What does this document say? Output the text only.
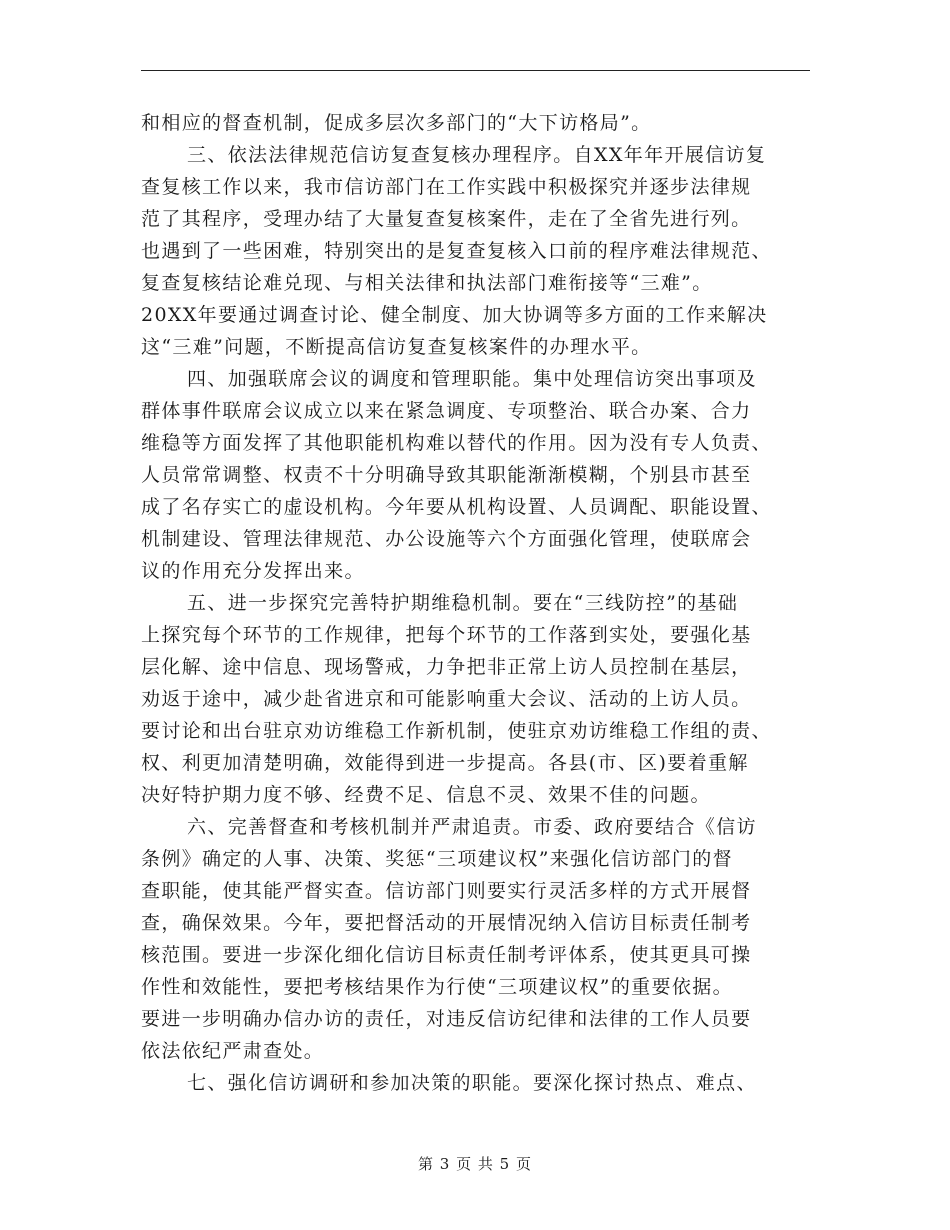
和相应的督查机制，促成多层次多部门的“大下访格局”。
三、依法法律规范信访复查复核办理程序。自XX年年开展信访复
查复核工作以来，我市信访部门在工作实践中积极探究并逐步法律规
范了其程序，受理办结了大量复查复核案件，走在了全省先进行列。
也遇到了一些困难，特别突出的是复查复核入口前的程序难法律规范、
复查复核结论难兑现、与相关法律和执法部门难衔接等“三难”。
20XX年要通过调查讨论、健全制度、加大协调等多方面的工作来解决
这“三难”问题，不断提高信访复查复核案件的办理水平。
四、加强联席会议的调度和管理职能。集中处理信访突出事项及
群体事件联席会议成立以来在紧急调度、专项整治、联合办案、合力
维稳等方面发挥了其他职能机构难以替代的作用。因为没有专人负责、
人员常常调整、权责不十分明确导致其职能渐渐模糊，个别县市甚至
成了名存实亡的虚设机构。今年要从机构设置、人员调配、职能设置、
机制建设、管理法律规范、办公设施等六个方面强化管理，使联席会
议的作用充分发挥出来。
五、进一步探究完善特护期维稳机制。要在“三线防控”的基础
上探究每个环节的工作规律，把每个环节的工作落到实处，要强化基
层化解、途中信息、现场警戒，力争把非正常上访人员控制在基层，
劝返于途中，减少赴省进京和可能影响重大会议、活动的上访人员。
要讨论和出台驻京劝访维稳工作新机制，使驻京劝访维稳工作组的责、
权、利更加清楚明确，效能得到进一步提高。各县(市、区)要着重解
决好特护期力度不够、经费不足、信息不灵、效果不佳的问题。
六、完善督查和考核机制并严肃追责。市委、政府要结合《信访
条例》确定的人事、决策、奖惩“三项建议权”来强化信访部门的督
查职能，使其能严督实查。信访部门则要实行灵活多样的方式开展督
查，确保效果。今年，要把督活动的开展情况纳入信访目标责任制考
核范围。要进一步深化细化信访目标责任制考评体系，使其更具可操
作性和效能性，要把考核结果作为行使“三项建议权”的重要依据。
要进一步明确办信办访的责任，对违反信访纪律和法律的工作人员要
依法依纪严肃查处。
七、强化信访调研和参加决策的职能。要深化探讨热点、难点、
第 3 页 共 5 页
